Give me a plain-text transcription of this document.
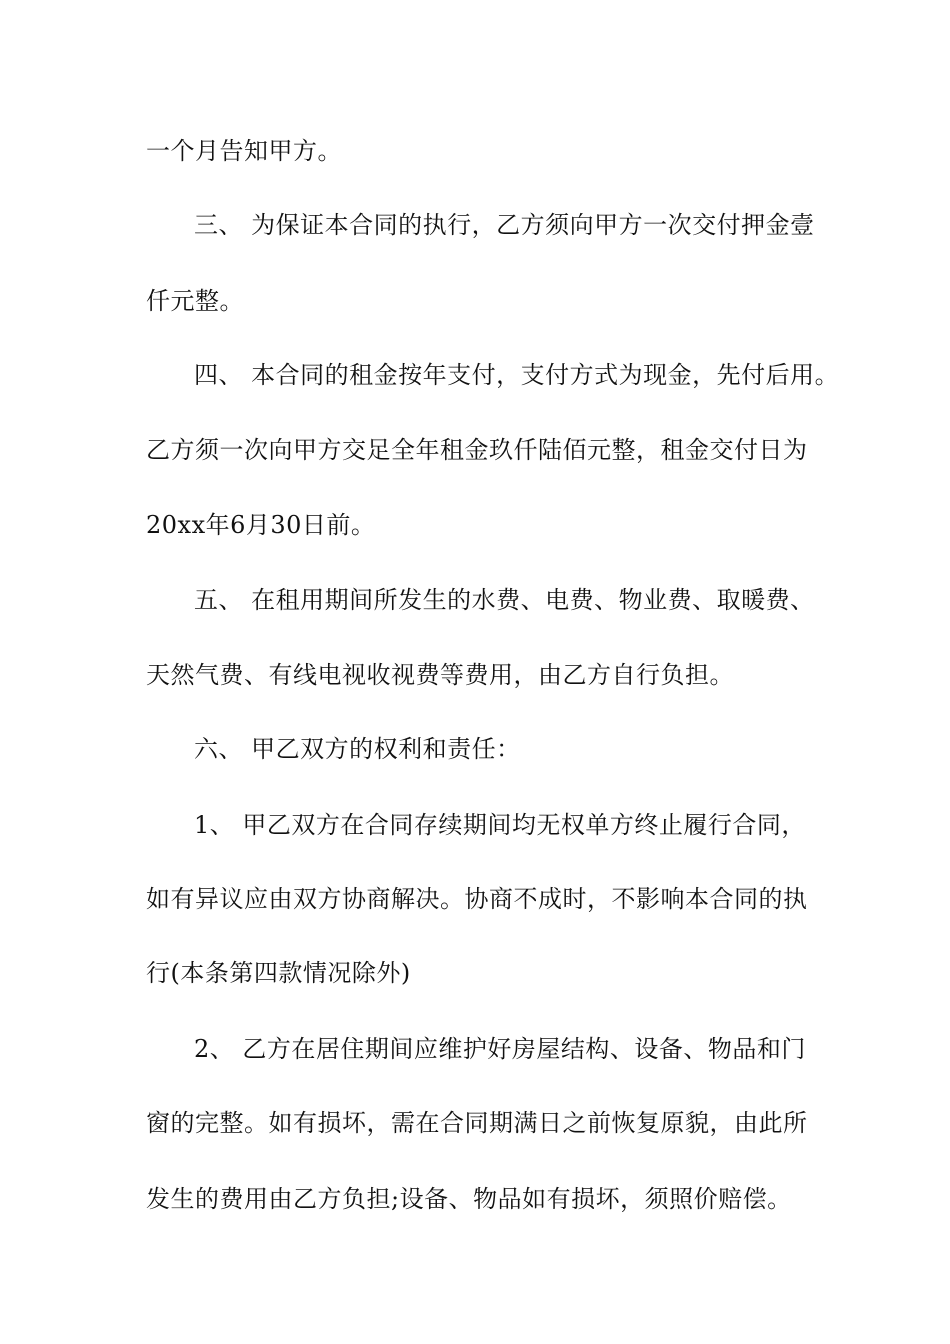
一个月告知甲方。
三、 为保证本合同的执行，乙方须向甲方一次交付押金壹
仟元整。
四、 本合同的租金按年支付，支付方式为现金，先付后用。
乙方须一次向甲方交足全年租金玖仟陆佰元整，租金交付日为
20xx年6月30日前。
五、 在租用期间所发生的水费、电费、物业费、取暖费、
天然气费、有线电视收视费等费用，由乙方自行负担。
六、 甲乙双方的权利和责任：
1、 甲乙双方在合同存续期间均无权单方终止履行合同，
如有异议应由双方协商解决。协商不成时，不影响本合同的执
行(本条第四款情况除外)
2、 乙方在居住期间应维护好房屋结构、设备、物品和门
窗的完整。如有损坏，需在合同期满日之前恢复原貌，由此所
发生的费用由乙方负担;设备、物品如有损坏，须照价赔偿。
